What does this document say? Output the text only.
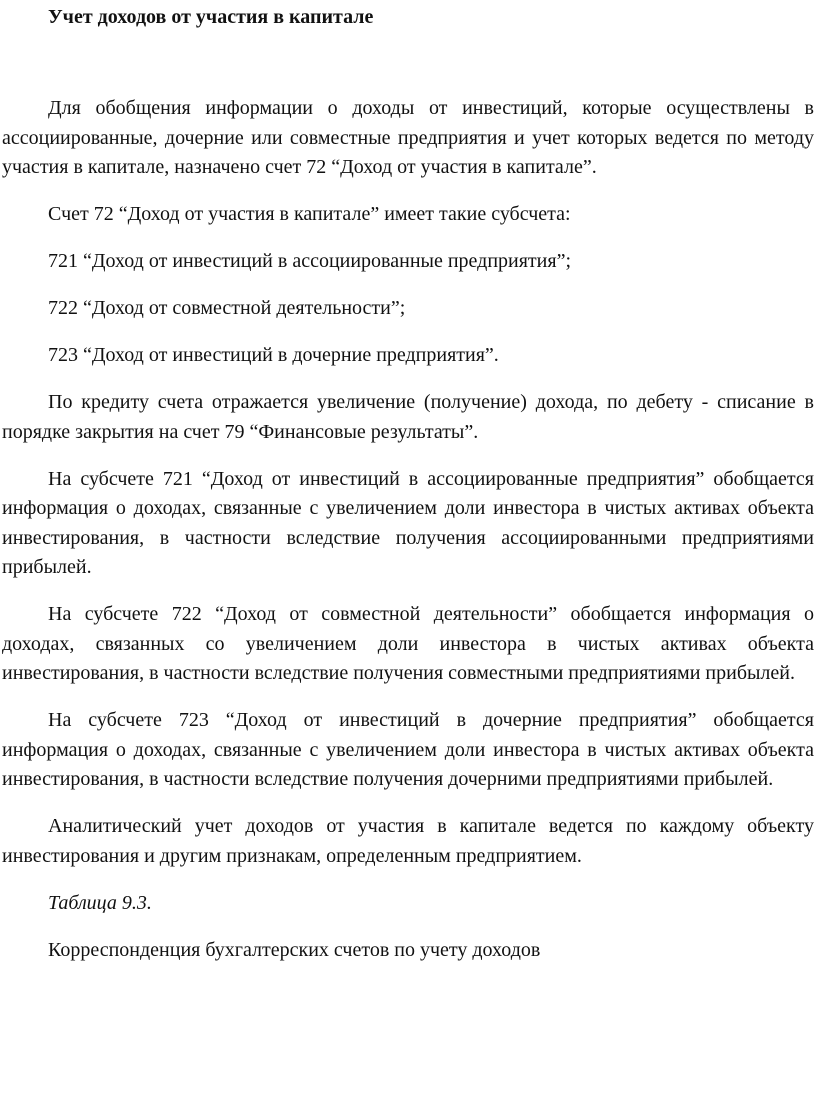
Учет доходов от участия в капитале

Для обобщения информации о доходы от инвестиций, которые осуществлены в ассоциированные, дочерние или совместные предприятия и учет которых ведется по методу участия в капитале, назначено счет 72 “Доход от участия в капитале”.

Счет 72 “Доход от участия в капитале” имеет такие субсчета:

721 “Доход от инвестиций в ассоциированные предприятия”;

722 “Доход от совместной деятельности”;

723 “Доход от инвестиций в дочерние предприятия”.

По кредиту счета отражается увеличение (получение) дохода, по дебету - списание в порядке закрытия на счет 79 “Финансовые результаты”.

На субсчете 721 “Доход от инвестиций в ассоциированные предприятия” обобщается информация о доходах, связанные с увеличением доли инвестора в чистых активах объекта инвестирования, в частности вследствие получения ассоциированными предприятиями прибылей.

На субсчете 722 “Доход от совместной деятельности” обобщается информация о доходах, связанных со увеличением доли инвестора в чистых активах объекта инвестирования, в частности вследствие получения совместными предприятиями прибылей.

На субсчете 723 “Доход от инвестиций в дочерние предприятия” обобщается информация о доходах, связанные с увеличением доли инвестора в чистых активах объекта инвестирования, в частности вследствие получения дочерними предприятиями прибылей.

Аналитический учет доходов от участия в капитале ведется по каждому объекту инвестирования и другим признакам, определенным предприятием.

Таблица 9.3.

Корреспонденция бухгалтерских счетов по учету доходов
